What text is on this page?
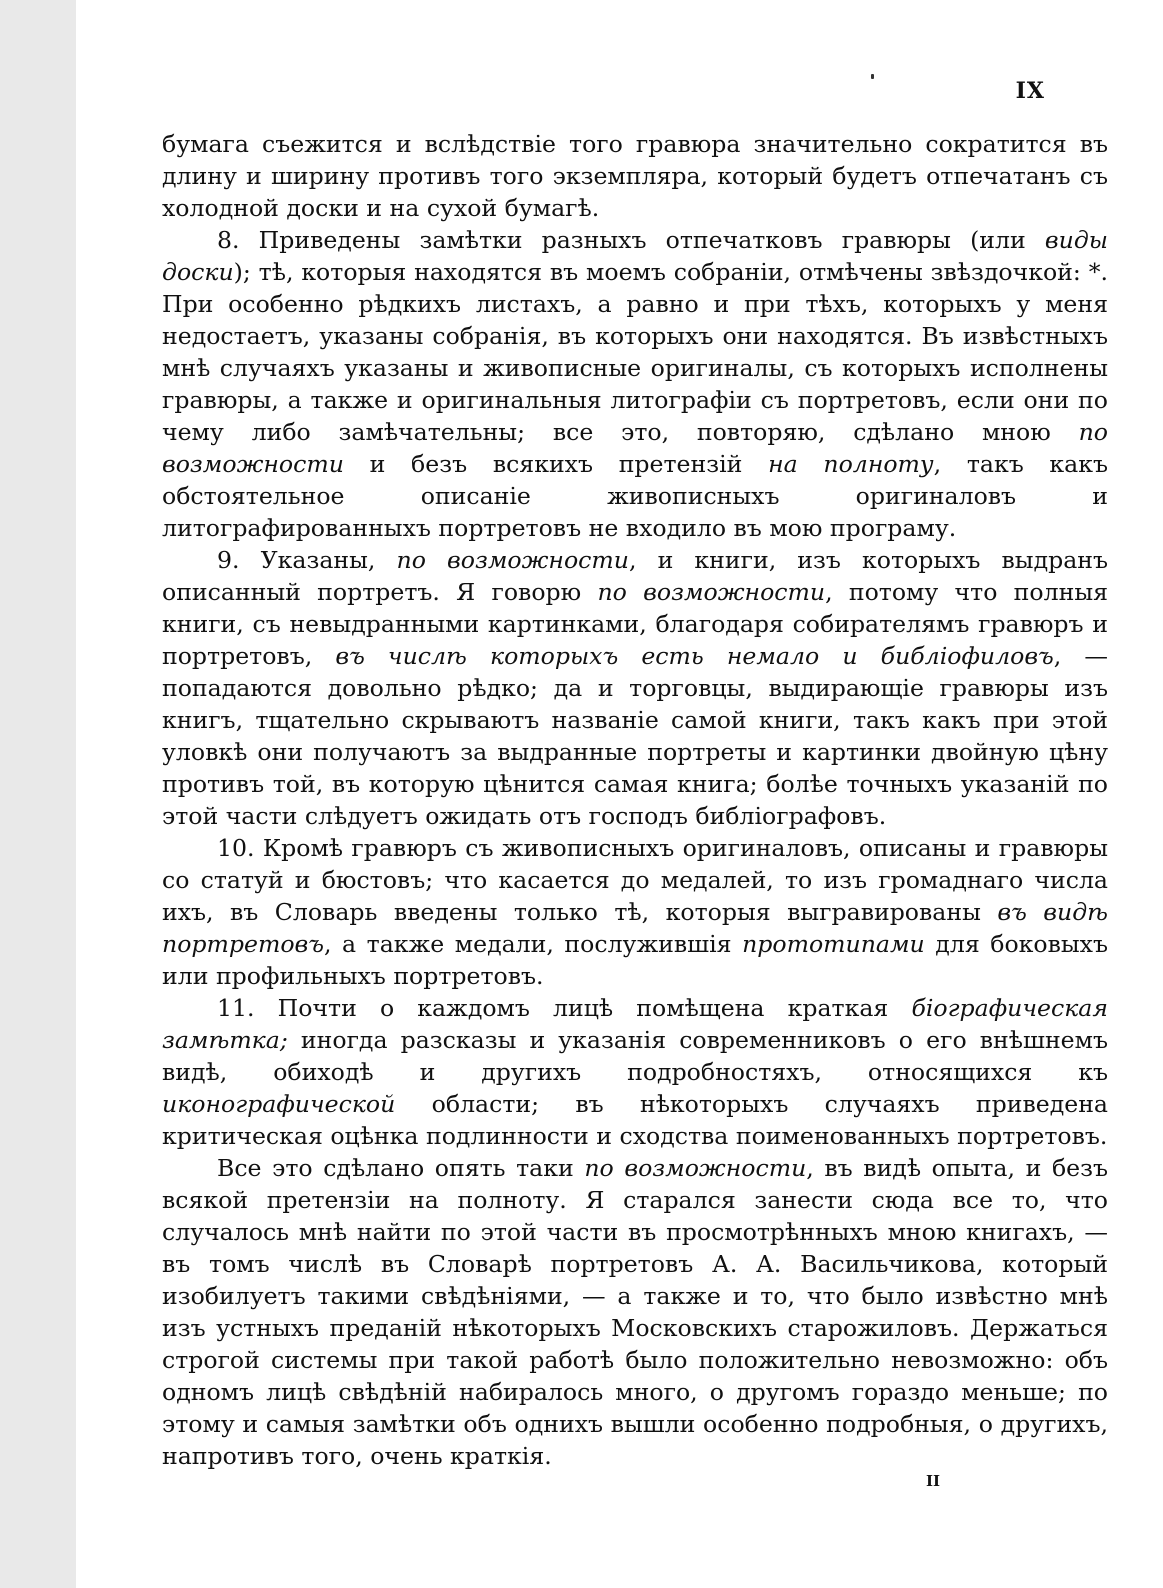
IX

бумага съежится и вслѣдствіе того гравюра значительно сократится въ длину и ширину противъ того экземпляра, который будетъ отпечатанъ съ холодной доски и на сухой бумагѣ.

8. Приведены замѣтки разныхъ отпечатковъ гравюры (или виды доски); тѣ, которыя находятся въ моемъ собраніи, отмѣчены звѣздочкой: *. При особенно рѣдкихъ листахъ, а равно и при тѣхъ, которыхъ у меня недостаетъ, указаны собранія, въ которыхъ они находятся. Въ извѣстныхъ мнѣ случаяхъ указаны и живописные оригиналы, съ которыхъ исполнены гравюры, а также и оригинальныя литографіи съ портретовъ, если они по чему либо замѣчательны; все это, повторяю, сдѣлано мною по возможности и безъ всякихъ претензій на полноту, такъ какъ обстоятельное описаніе живописныхъ оригиналовъ и литографированныхъ портретовъ не входило въ мою програму.

9. Указаны, по возможности, и книги, изъ которыхъ выдранъ описанный портретъ. Я говорю по возможности, потому что полныя книги, съ невыдранными картинками, благодаря собирателямъ гравюръ и портретовъ, въ числѣ которыхъ есть немало и библіофиловъ, — попадаются довольно рѣдко; да и торговцы, выдирающіе гравюры изъ книгъ, тщательно скрываютъ названіе самой книги, такъ какъ при этой уловкѣ они получаютъ за выдранные портреты и картинки двойную цѣну противъ той, въ которую цѣнится самая книга; болѣе точныхъ указаній по этой части слѣдуетъ ожидать отъ господъ библіографовъ.

10. Кромѣ гравюръ съ живописныхъ оригиналовъ, описаны и гравюры со статуй и бюстовъ; что касается до медалей, то изъ громаднаго числа ихъ, въ Словарь введены только тѣ, которыя выгравированы въ видѣ портретовъ, а также медали, послужившія прототипами для боковыхъ или профильныхъ портретовъ.

11. Почти о каждомъ лицѣ помѣщена краткая біографическая замѣтка; иногда разсказы и указанія современниковъ о его внѣшнемъ видѣ, обиходѣ и другихъ подробностяхъ, относящихся къ иконографической области; въ нѣкоторыхъ случаяхъ приведена критическая оцѣнка подлинности и сходства поименованныхъ портретовъ.

Все это сдѣлано опять таки по возможности, въ видѣ опыта, и безъ всякой претензіи на полноту. Я старался занести сюда все то, что случалось мнѣ найти по этой части въ просмотрѣнныхъ мною книгахъ, — въ томъ числѣ въ Словарѣ портретовъ А. А. Васильчикова, который изобилуетъ такими свѣдѣніями, — а также и то, что было извѣстно мнѣ изъ устныхъ преданій нѣкоторыхъ Московскихъ старожиловъ. Держаться строгой системы при такой работѣ было положительно невозможно: объ одномъ лицѣ свѣдѣній набиралось много, о другомъ гораздо меньше; по этому и самыя замѣтки объ однихъ вышли особенно подробныя, о другихъ, напротивъ того, очень краткія.

II
